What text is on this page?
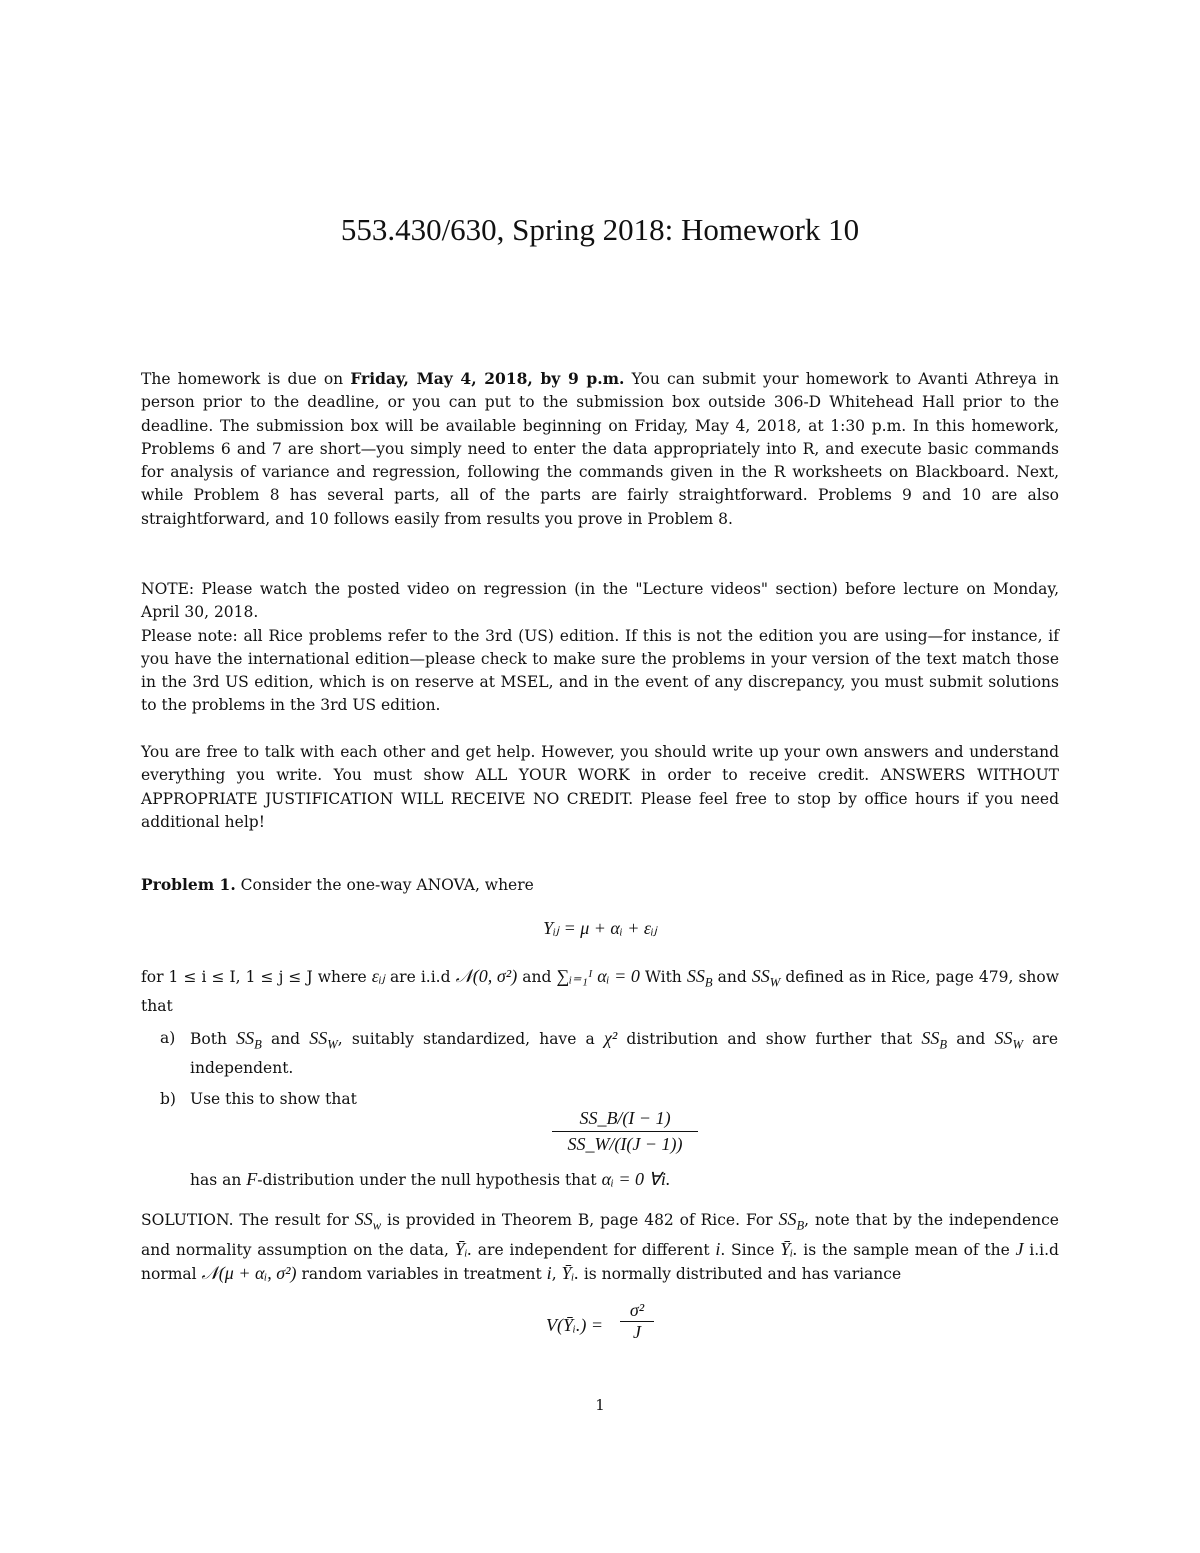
553.430/630, Spring 2018: Homework 10
The homework is due on Friday, May 4, 2018, by 9 p.m. You can submit your homework to Avanti Athreya in person prior to the deadline, or you can put to the submission box outside 306-D Whitehead Hall prior to the deadline. The submission box will be available beginning on Friday, May 4, 2018, at 1:30 p.m. In this homework, Problems 6 and 7 are short—you simply need to enter the data appropriately into R, and execute basic commands for analysis of variance and regression, following the commands given in the R worksheets on Blackboard. Next, while Problem 8 has several parts, all of the parts are fairly straightforward. Problems 9 and 10 are also straightforward, and 10 follows easily from results you prove in Problem 8.
NOTE: Please watch the posted video on regression (in the "Lecture videos" section) before lecture on Monday, April 30, 2018.
Please note: all Rice problems refer to the 3rd (US) edition. If this is not the edition you are using—for instance, if you have the international edition—please check to make sure the problems in your version of the text match those in the 3rd US edition, which is on reserve at MSEL, and in the event of any discrepancy, you must submit solutions to the problems in the 3rd US edition.
You are free to talk with each other and get help. However, you should write up your own answers and understand everything you write. You must show ALL YOUR WORK in order to receive credit. ANSWERS WITHOUT APPROPRIATE JUSTIFICATION WILL RECEIVE NO CREDIT. Please feel free to stop by office hours if you need additional help!
Problem 1. Consider the one-way ANOVA, where
Yᵢⱼ = μ + αᵢ + εᵢⱼ
for 1 ≤ i ≤ I, 1 ≤ j ≤ J where εᵢⱼ are i.i.d 𝒩(0, σ²) and ∑ᵢ₌₁ᴵ αᵢ = 0 With $SS_B$ and $SS_W$ defined as in Rice, page 479, show that
a) Both $SS_B$ and $SS_W$, suitably standardized, have a χ² distribution and show further that $SS_B$ and $SS_W$ are independent.
b) Use this to show that
$\frac{SS\_B/(I - 1)}{SS\_W/(I(J - 1))}$
has an F-distribution under the null hypothesis that αᵢ = 0 ∀i.
SOLUTION. The result for $SS_w$ is provided in Theorem B, page 482 of Rice. For $SS_B$, note that by the independence and normality assumption on the data, Ȳᵢ. are independent for different i. Since Ȳᵢ. is the sample mean of the J i.i.d normal 𝒩(μ + αᵢ, σ²) random variables in treatment i, Ȳᵢ. is normally distributed and has variance
V(Ȳᵢ.) = $\frac{\text{σ²}}{J}$
1
